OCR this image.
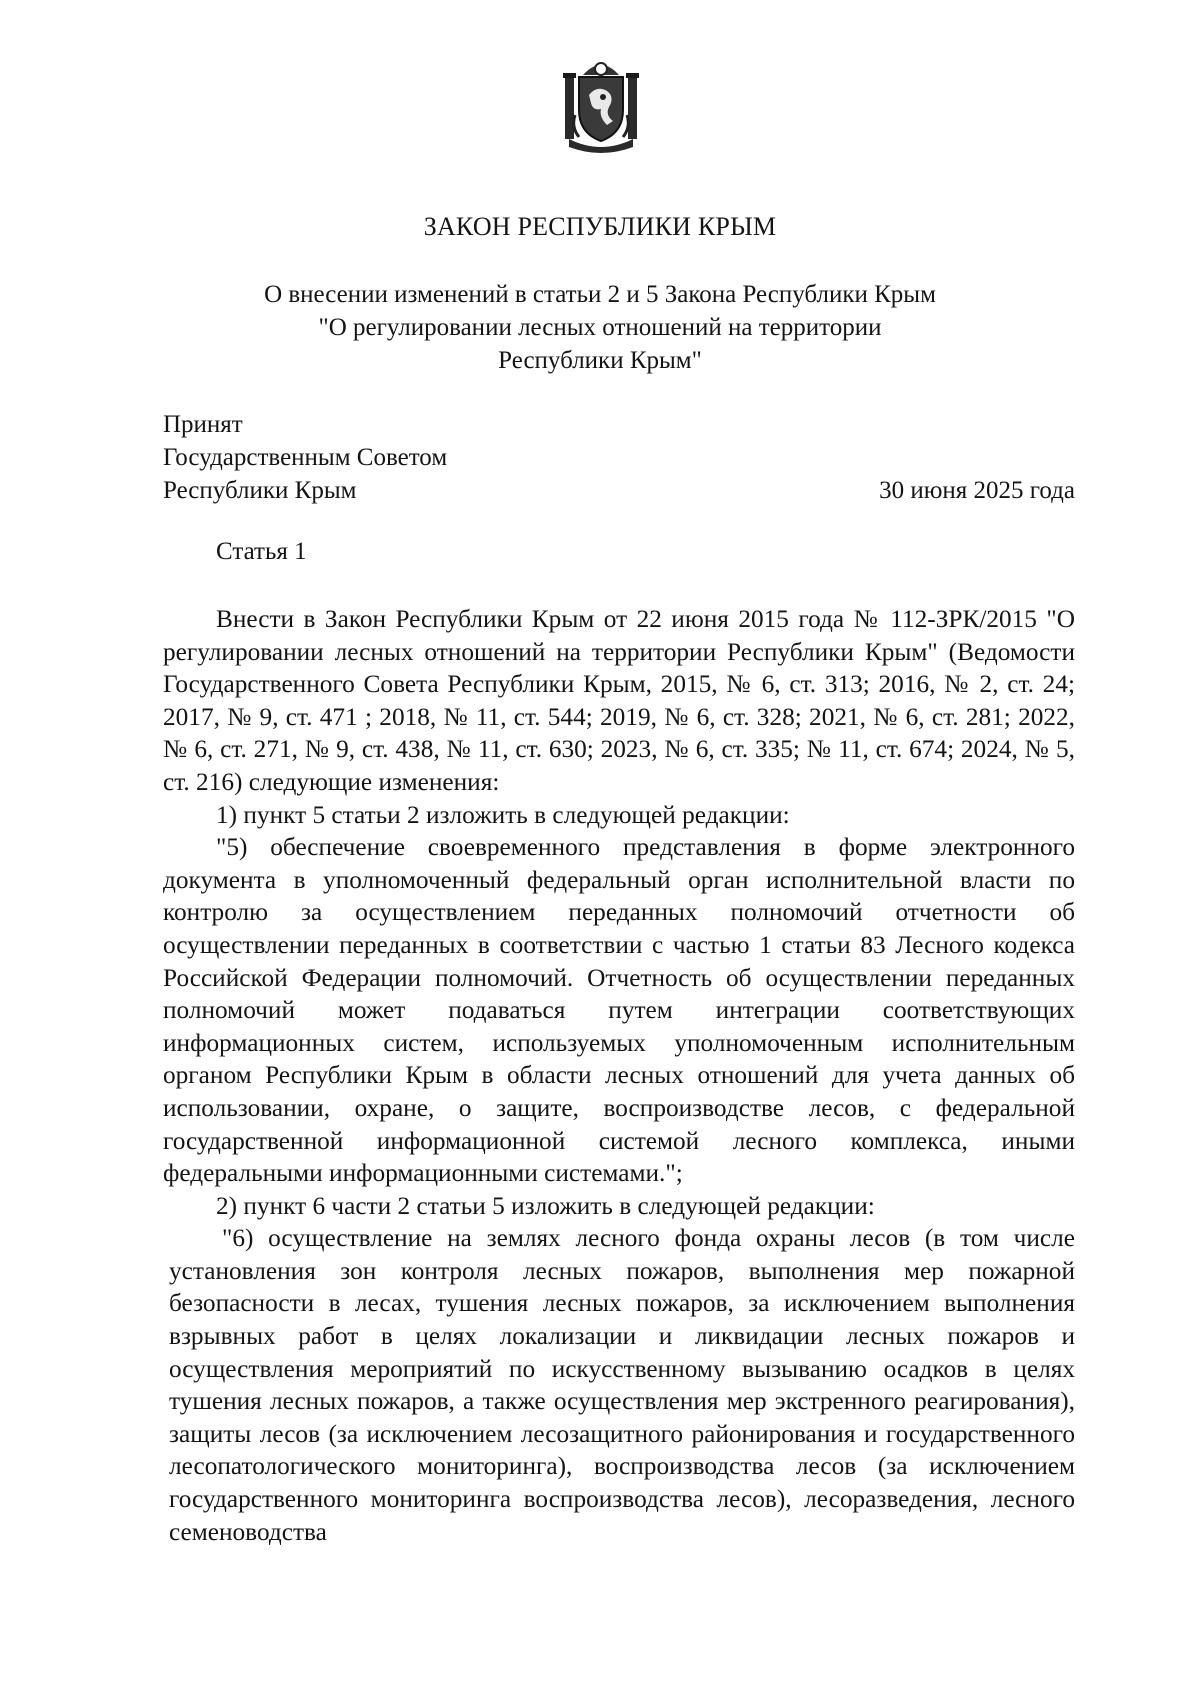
ЗАКОН РЕСПУБЛИКИ КРЫМ
О внесении изменений в статьи 2 и 5 Закона Республики Крым
"О регулировании лесных отношений на территории
Республики Крым"
Принят
Государственным Советом
Республики Крым	30 июня 2025 года
Статья 1

Внести в Закон Республики Крым от 22 июня 2015 года № 112-ЗРК/2015 "О регулировании лесных отношений на территории Республики Крым" (Ведомости Государственного Совета Республики Крым, 2015, № 6, ст. 313; 2016, № 2, ст. 24; 2017, № 9, ст. 471 ; 2018, № 11, ст. 544; 2019, № 6, ст. 328; 2021, № 6, ст. 281; 2022, № 6, ст. 271, № 9, ст. 438, № 11, ст. 630; 2023, № 6, ст. 335; № 11, ст. 674; 2024, № 5, ст. 216) следующие изменения:

1) пункт 5 статьи 2 изложить в следующей редакции:

"5) обеспечение своевременного представления в форме электронного документа в уполномоченный федеральный орган исполнительной власти по контролю за осуществлением переданных полномочий отчетности об осуществлении переданных в соответствии с частью 1 статьи 83 Лесного кодекса Российской Федерации полномочий. Отчетность об осуществлении переданных полномочий может подаваться путем интеграции соответствующих информационных систем, используемых уполномоченным исполнительным органом Республики Крым в области лесных отношений для учета данных об использовании, охране, о защите, воспроизводстве лесов, с федеральной государственной информационной системой лесного комплекса, иными федеральными информационными системами.";

2) пункт 6 части 2 статьи 5 изложить в следующей редакции:

"6) осуществление на землях лесного фонда охраны лесов (в том числе установления зон контроля лесных пожаров, выполнения мер пожарной безопасности в лесах, тушения лесных пожаров, за исключением выполнения взрывных работ в целях локализации и ликвидации лесных пожаров и осуществления мероприятий по искусственному вызыванию осадков в целях тушения лесных пожаров, а также осуществления мер экстренного реагирования), защиты лесов (за исключением лесозащитного районирования и государственного лесопатологического мониторинга), воспроизводства лесов (за исключением государственного мониторинга воспроизводства лесов), лесоразведения, лесного семеноводства
